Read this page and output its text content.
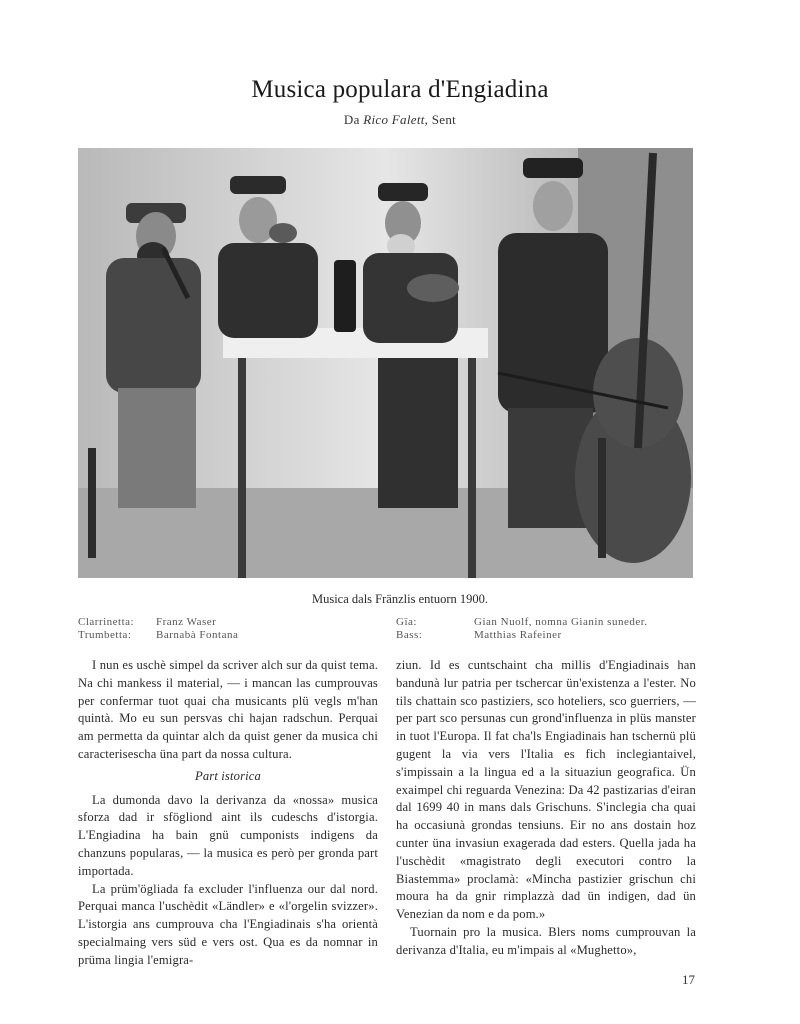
Musica populara d'Engiadina
Da Rico Falett, Sent
Musica dals Fränzlis entuorn 1900.
Clarrinetta:	Franz Waser
Trumbetta:	Barnabà Fontana
Gïa:	Gian Nuolf, nomna Gianin suneder.
Bass:	Matthias Rafeiner

I nun es uschè simpel da scriver alch sur da quist tema. Na chi mankess il material, — i mancan las cumprouvas per confermar tuot quai cha musicants plü vegls m'han quintà. Mo eu sun persvas chi hajan radschun. Perquai am permetta da quintar alch da quist gener da musica chi caracterisescha üna part da nossa cultura.

Part istorica

La dumonda davo la derivanza da «nossa» musica sforza dad ir sfögliond aint ils cudeschs d'istorgia. L'Engiadina ha bain gnü cumponists indigens da chanzuns popularas, — la musica es però per gronda part importada.

La prüm'ögliada fa excluder l'influenza our dal nord. Perquai manca l'uschèdit «Ländler» e «l'orgelin svizzer». L'istorgia ans cumprouva cha l'Engiadinais s'ha orientà specialmaing vers süd e vers ost. Qua es da nomnar in prüma lingia l'emigra-

ziun. Id es cuntschaint cha millis d'Engiadinais han bandunà lur patria per tschercar ün'existenza a l'ester. No tils chattain sco pastiziers, sco hoteliers, sco guerriers, — per part sco persunas cun grond'influenza in plüs manster in tuot l'Europa. Il fat cha'ls Engiadinais han tschernü plü gugent la via vers l'Italia es fich inclegiantaivel, s'impissain a la lingua ed a la situaziun geografica. Ün exaimpel chi reguarda Venezina: Da 42 pastizarias d'eiran dal 1699 40 in mans dals Grischuns. S'inclegia cha quai ha occasiunà grondas tensiuns. Eir no ans dostain hoz cunter üna invasiun exagerada dad esters. Quella jada ha l'uschèdit «magistrato degli executori contro la Biastemma» proclamà: «Mincha pastizier grischun chi moura ha da gnir rimplazzà dad ün indigen, dad ün Venezian da nom e da pom.»

Tuornain pro la musica. Blers noms cumprouvan la derivanza d'Italia, eu m'impais al «Mughetto»,

17
